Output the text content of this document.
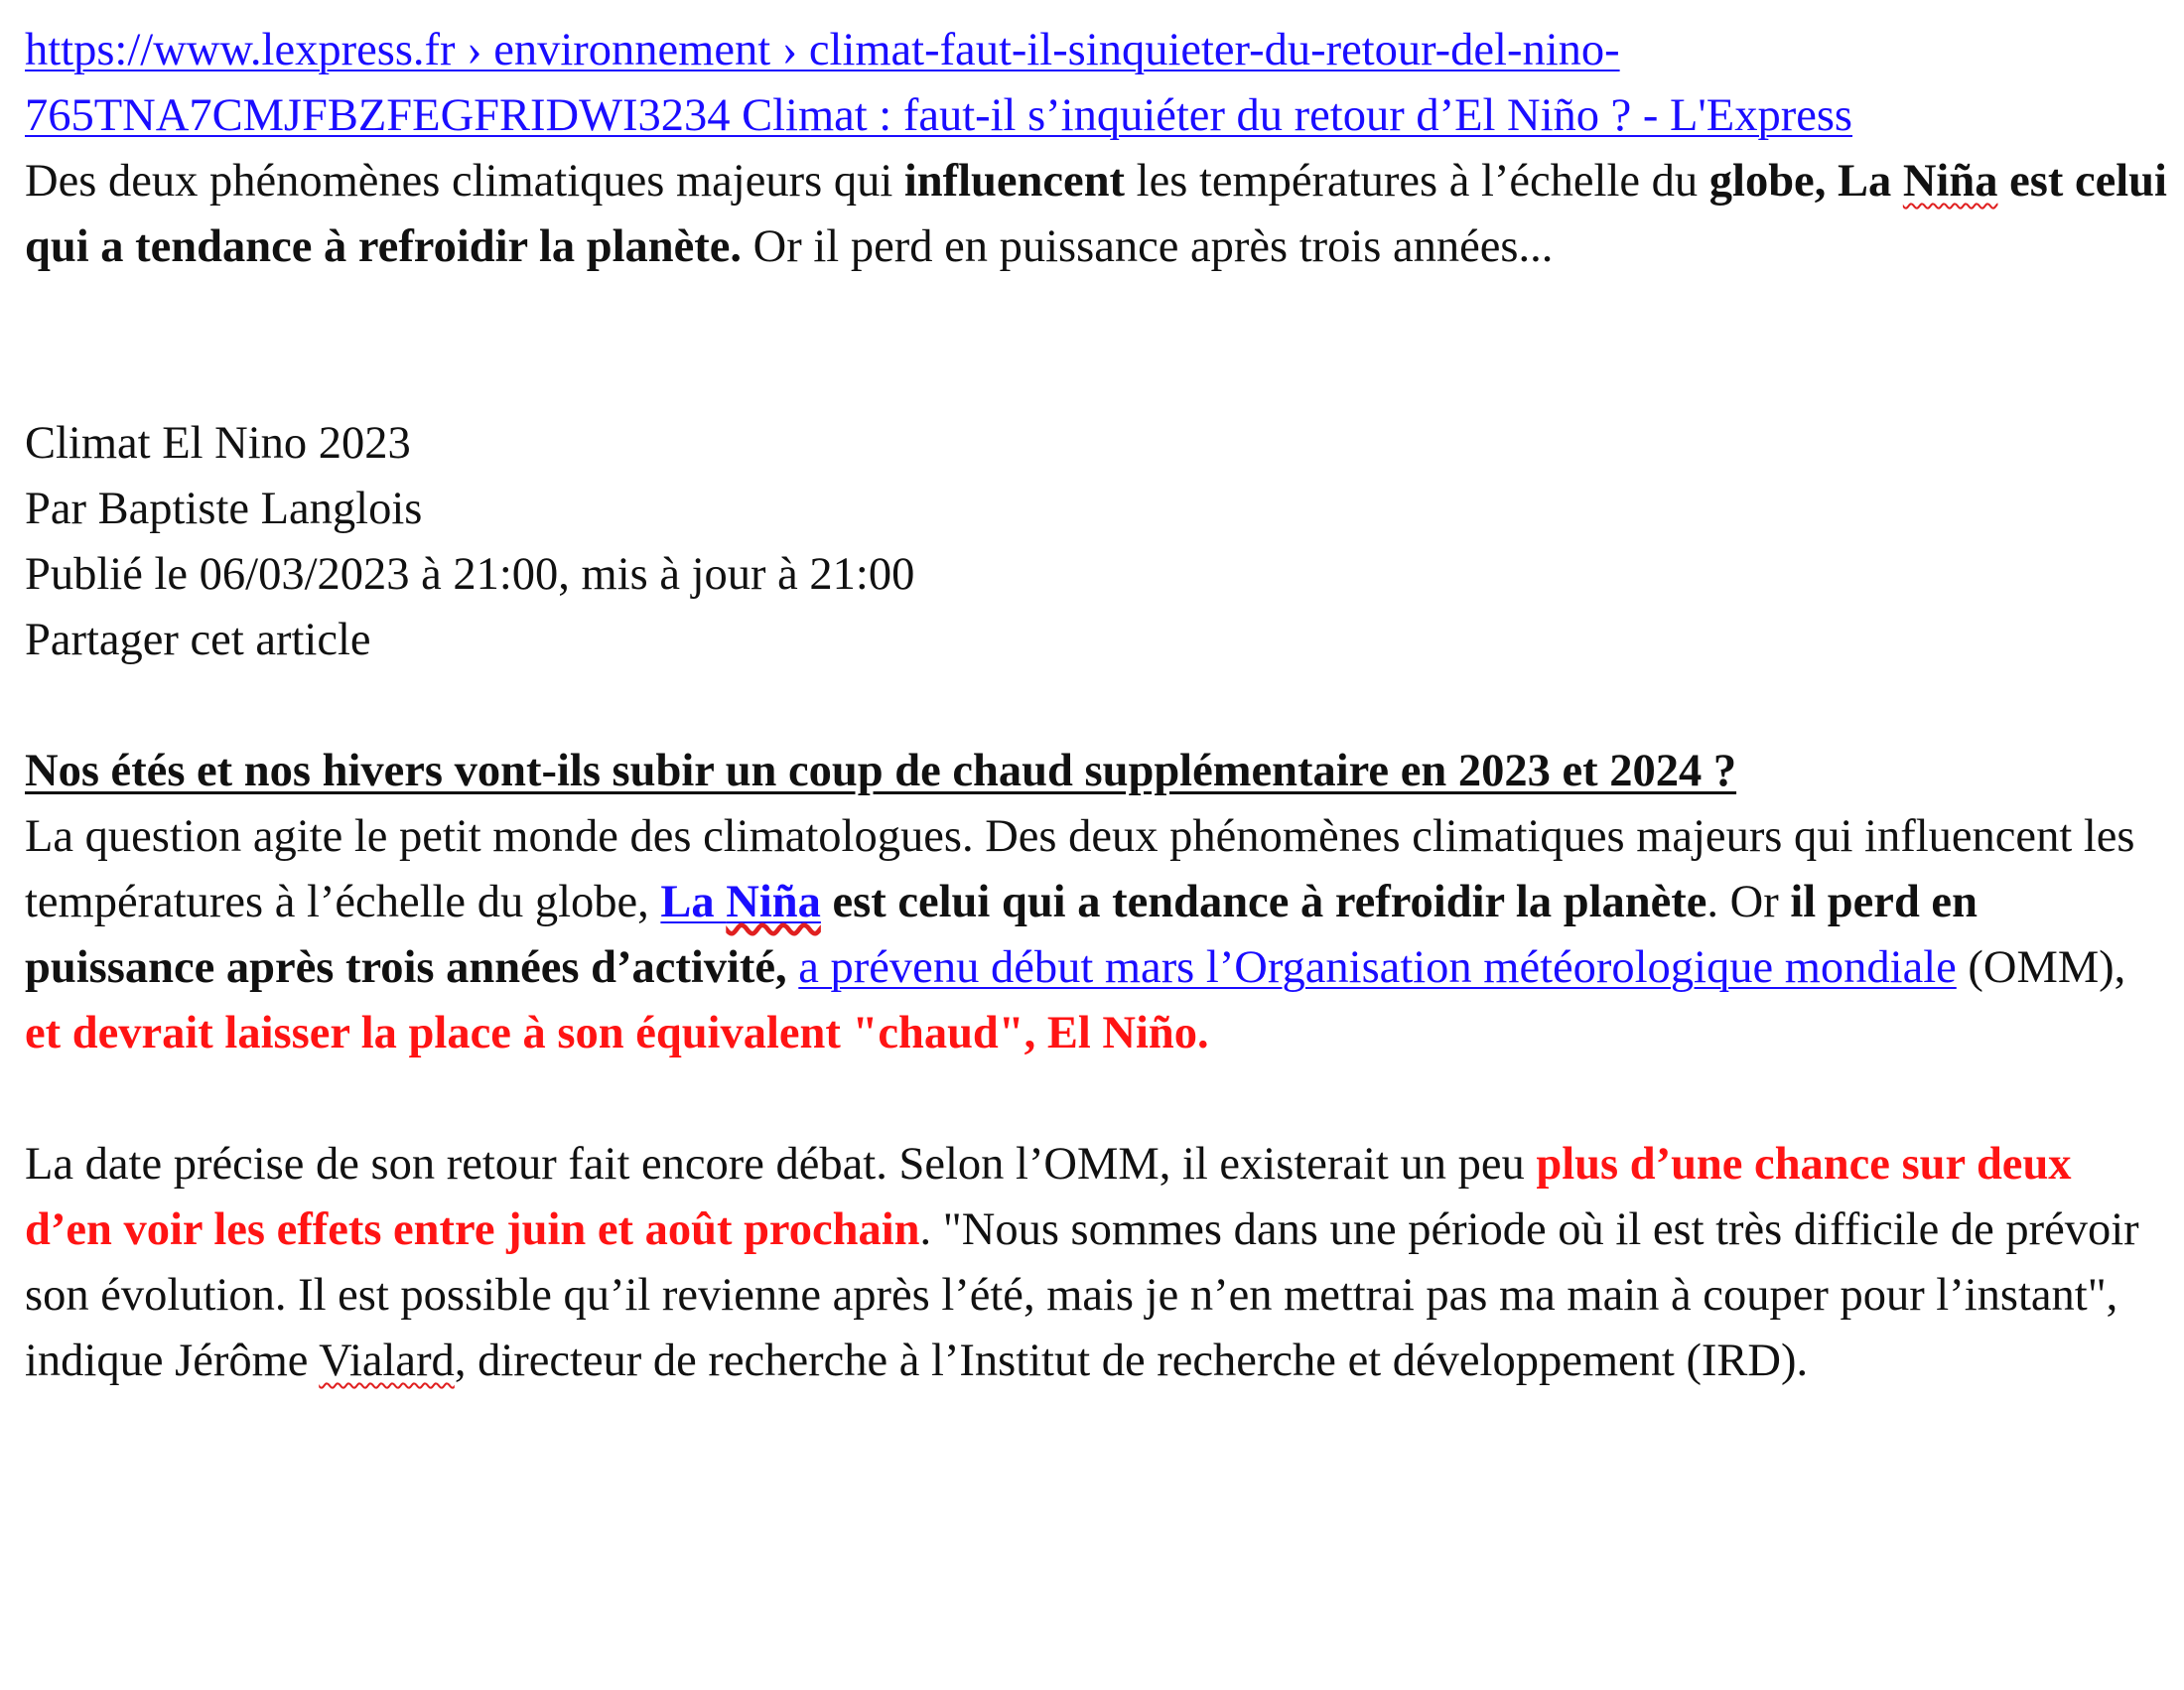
https://www.lexpress.fr › environnement › climat-faut-il-sinquieter-du-retour-del-nino-765TNA7CMJFBZFEGFRIDWI3234 Climat : faut-il s’inquiéter du retour d’El Niño ? - L'Express

Des deux phénomènes climatiques majeurs qui influencent les températures à l’échelle du globe, La Niña est celui qui a tendance à refroidir la planète. Or il perd en puissance après trois années...

Climat El Nino 2023

Par Baptiste Langlois

Publié le 06/03/2023 à 21:00, mis à jour à 21:00

Partager cet article

Nos étés et nos hivers vont-ils subir un coup de chaud supplémentaire en 2023 et 2024 ?

La question agite le petit monde des climatologues. Des deux phénomènes climatiques majeurs qui influencent les températures à l’échelle du globe, La Niña est celui qui a tendance à refroidir la planète. Or il perd en puissance après trois années d’activité, a prévenu début mars l’Organisation météorologique mondiale (OMM), et devrait laisser la place à son équivalent "chaud", El Niño.

La date précise de son retour fait encore débat. Selon l’OMM, il existerait un peu plus d’une chance sur deux d’en voir les effets entre juin et août prochain. "Nous sommes dans une période où il est très difficile de prévoir son évolution. Il est possible qu’il revienne après l’été, mais je n’en mettrai pas ma main à couper pour l’instant", indique Jérôme Vialard, directeur de recherche à l’Institut de recherche et développement (IRD).
